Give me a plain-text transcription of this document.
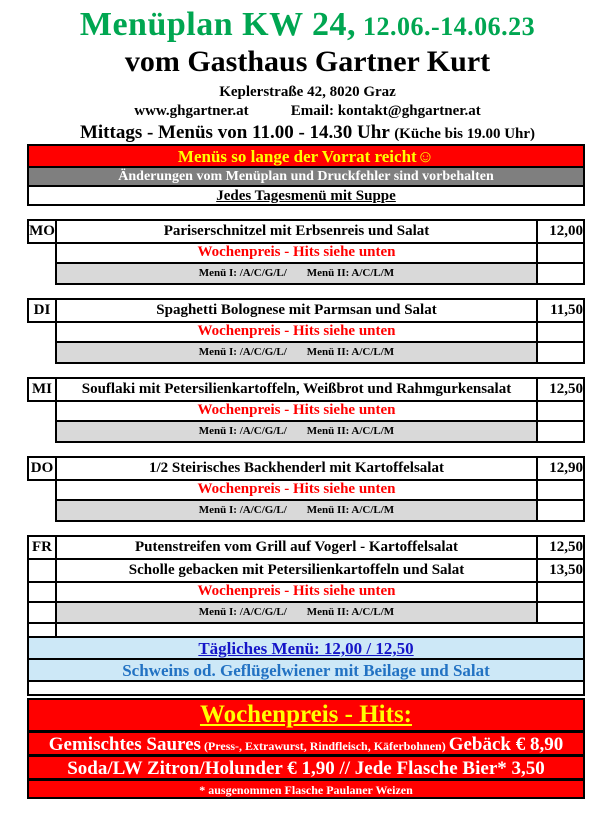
Menüplan KW 24, 12.06.-14.06.23
vom Gasthaus Gartner Kurt
Keplerstraße 42, 8020 Graz
www.ghgartner.at	Email: kontakt@ghgartner.at
Mittags - Menüs von 11.00 - 14.30 Uhr (Küche bis 19.00 Uhr)
Menüs so lange der Vorrat reicht☺
Änderungen vom Menüplan und Druckfehler sind vorbehalten
Jedes Tagesmenü mit Suppe
MO	Pariserschnitzel mit Erbsenreis und Salat	12,00
	Wochenpreis - Hits siehe unten	
	Menü I: /A/C/G/L/ Menü II: A/C/L/M	
DI	Spaghetti Bolognese mit Parmsan und Salat	11,50
	Wochenpreis - Hits siehe unten	
	Menü I: /A/C/G/L/ Menü II: A/C/L/M	
MI	Souflaki mit Petersilienkartoffeln, Weißbrot und Rahmgurkensalat	12,50
	Wochenpreis - Hits siehe unten	
	Menü I: /A/C/G/L/ Menü II: A/C/L/M	
DO	1/2 Steirisches Backhenderl mit Kartoffelsalat	12,90
	Wochenpreis - Hits siehe unten	
	Menü I: /A/C/G/L/ Menü II: A/C/L/M	
FR	Putenstreifen vom Grill auf Vogerl - Kartoffelsalat	12,50
	Scholle gebacken mit Petersilienkartoffeln und Salat	13,50
	Wochenpreis - Hits siehe unten	
	Menü I: /A/C/G/L/ Menü II: A/C/L/M	

Tägliches Menü: 12,00 / 12,50
Schweins od. Geflügelwiener mit Beilage und Salat
Wochenpreis - Hits:
Gemischtes Saures (Press-, Extrawurst, Rindfleisch, Käferbohnen) Gebäck € 8,90
Soda/LW Zitron/Holunder € 1,90 // Jede Flasche Bier* 3,50
* ausgenommen Flasche Paulaner Weizen
